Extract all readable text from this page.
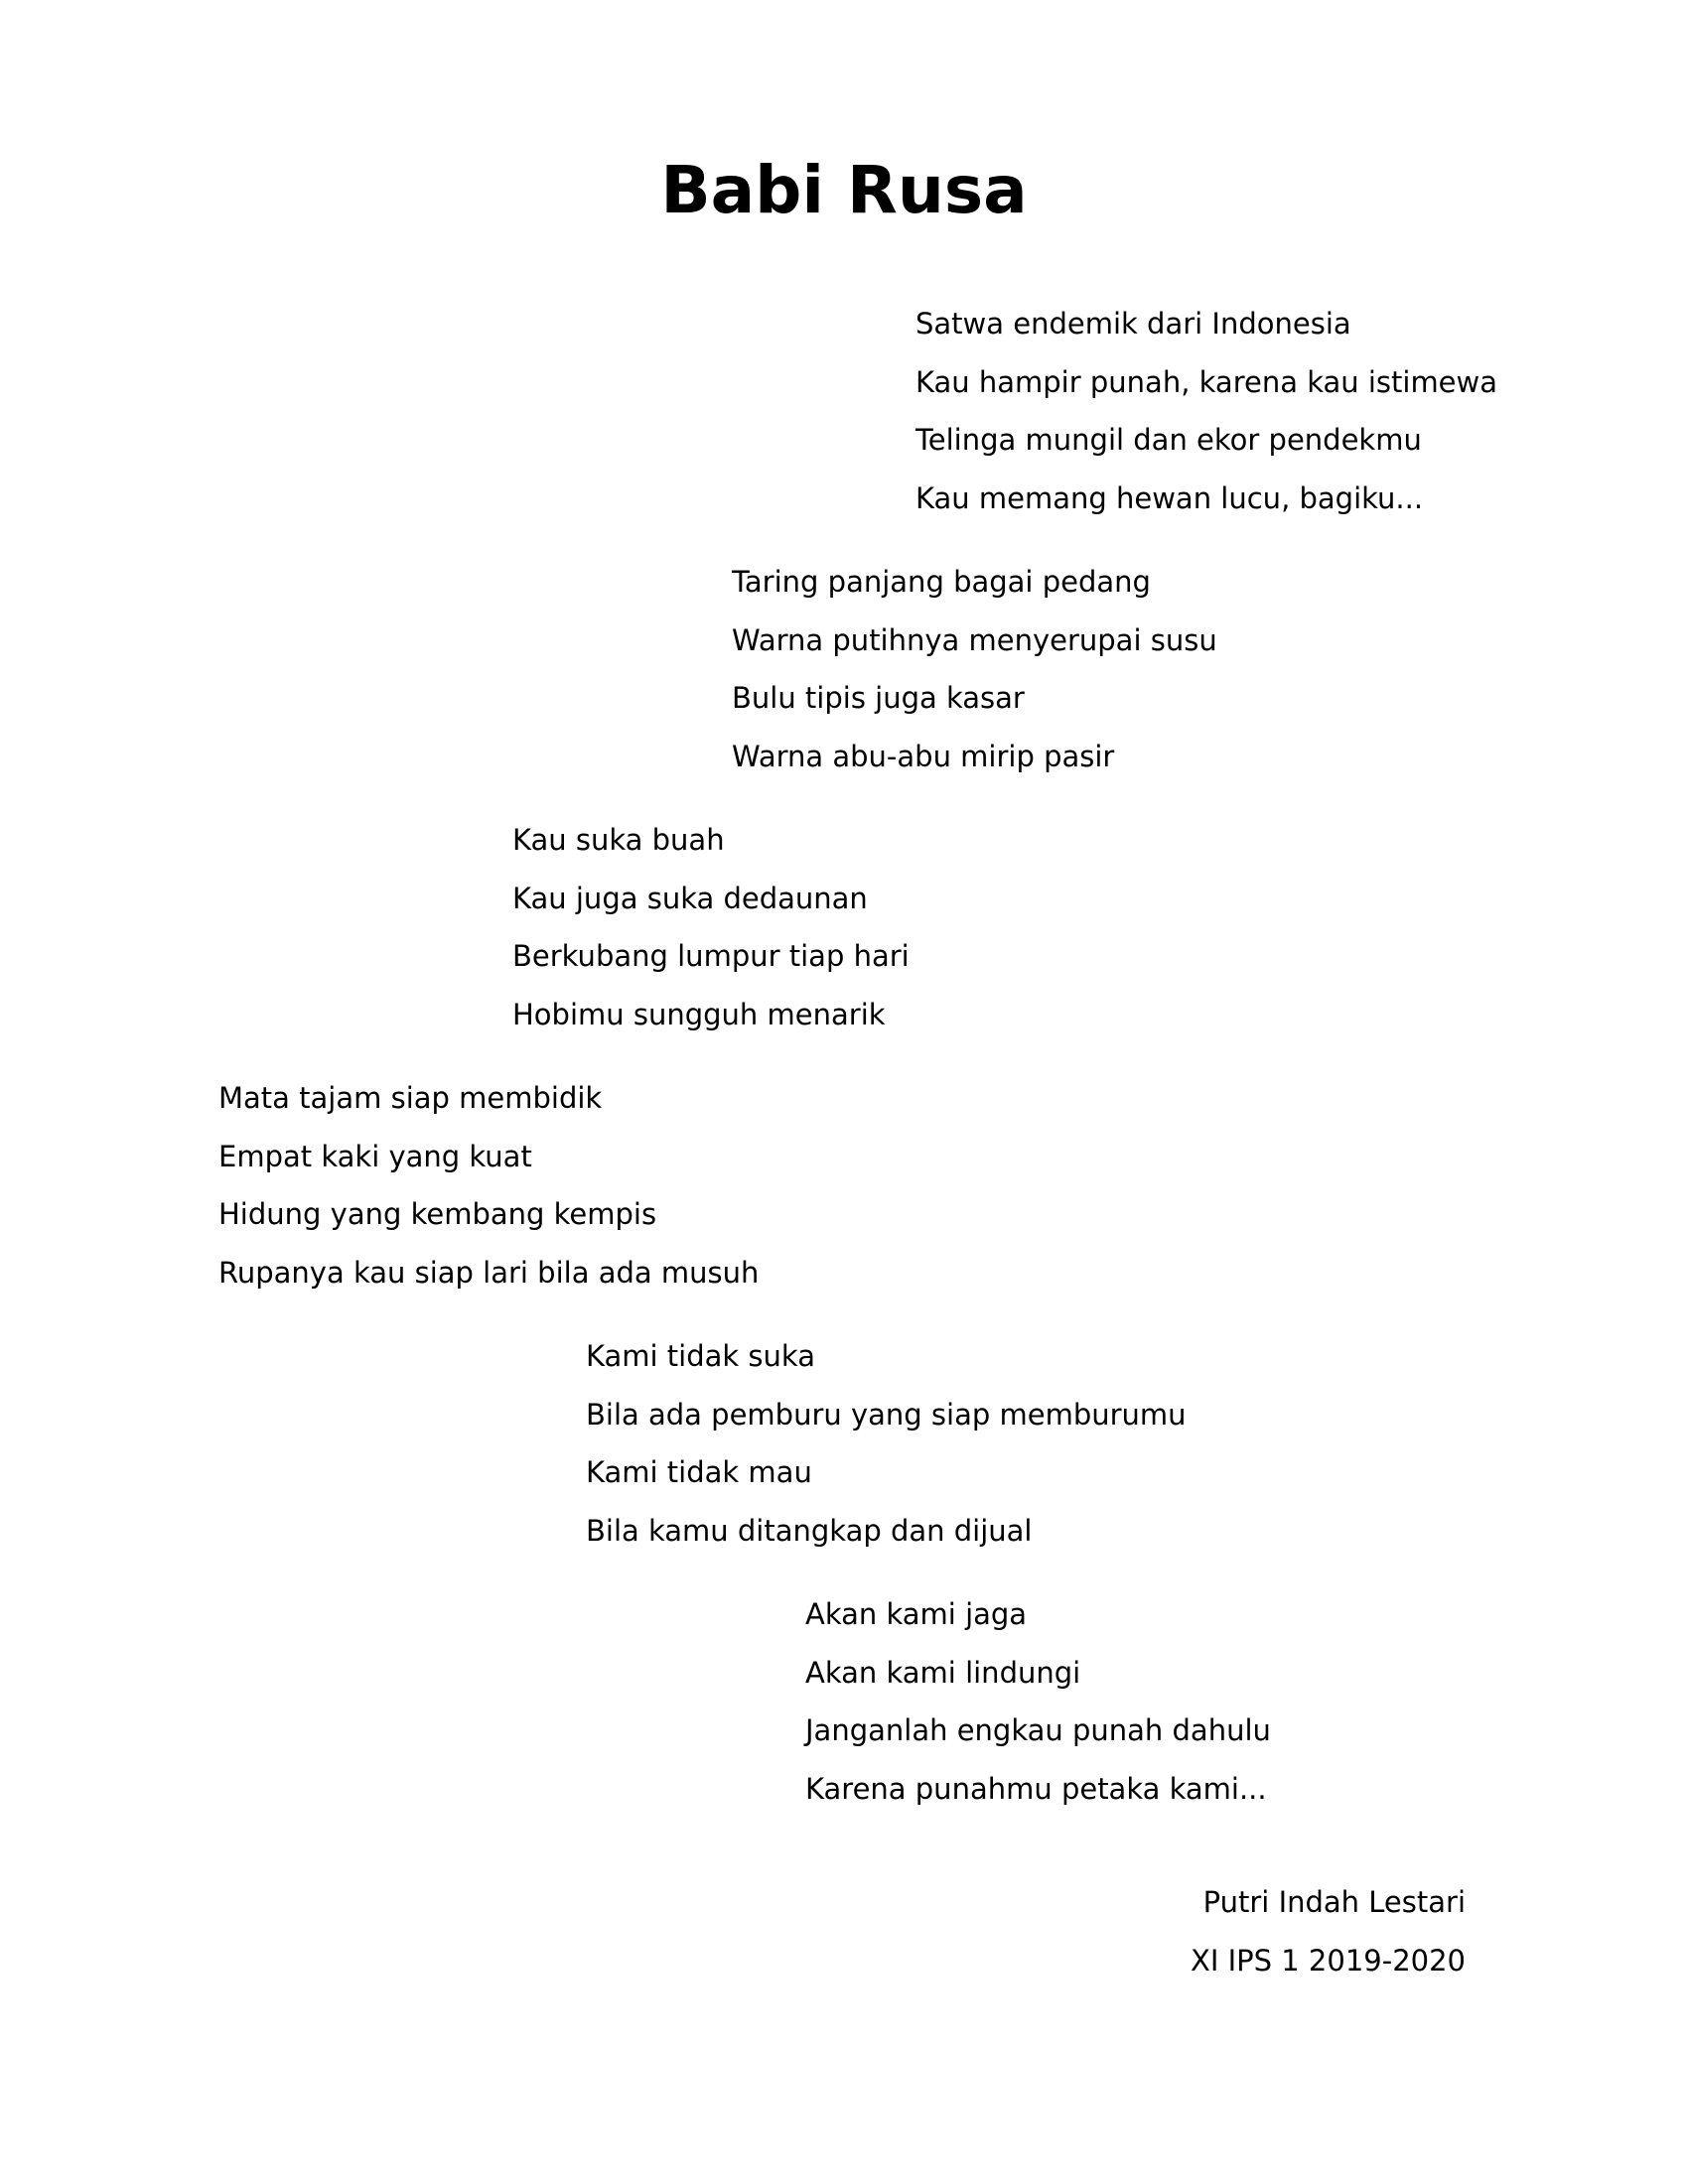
Babi Rusa
Satwa endemik dari Indonesia
Kau hampir punah, karena kau istimewa
Telinga mungil dan ekor pendekmu
Kau memang hewan lucu, bagiku...
Taring panjang bagai pedang
Warna putihnya menyerupai susu
Bulu tipis juga kasar
Warna abu-abu mirip pasir
Kau suka buah
Kau juga suka dedaunan
Berkubang lumpur tiap hari
Hobimu sungguh menarik
Mata tajam siap membidik
Empat kaki yang kuat
Hidung yang kembang kempis
Rupanya kau siap lari bila ada musuh
Kami tidak suka
Bila ada pemburu yang siap memburumu
Kami tidak mau
Bila kamu ditangkap dan dijual
Akan kami jaga
Akan kami lindungi
Janganlah engkau punah dahulu
Karena punahmu petaka kami...
Putri Indah Lestari
XI IPS 1 2019-2020
